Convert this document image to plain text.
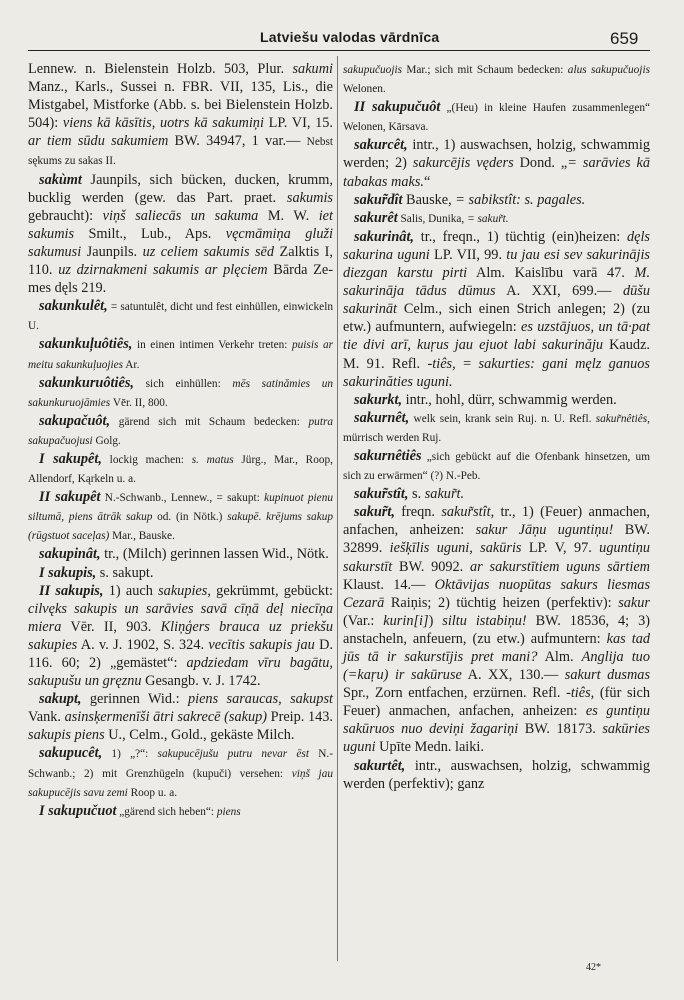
Latviešu valodas vārdnīca	659

Lennew. n. Bielenstein Holzb. 503, Plur. sakumi Manz., Karls., Sussei n. FBR. VII, 135, Lis., die Mistgabel, Mistforke (Abb. s. bei Bielenstein Holzb. 504): viens kā kāsītis, uotrs kā sakumiņi LP. VI, 15. ar tiem sūdu sakumiem BW. 34947, 1 var.— Nebst sękums zu sakas II.

sakùmt Jaunpils, sich bücken, ducken, krumm, bucklig werden (gew. das Part. praet. sakumis gebraucht): viņš saliecās un sakuma M. W. iet sakumis Smilt., Lub., Aps. vęcmāmiņa gluži sakumusi Jaunpils. uz celiem sakumis sēd Zalktis I, 110. uz dzirnakmeni sakumis ar plęciem Bārda Zemes dęls 219.

sakunkulêt, = satuntulêt, dicht und fest einhüllen, einwickeln U.

sakunkuļuôtiês, in einen intimen Verkehr treten: puisis ar meitu sakunkuļuojies Ar.

sakunkuruôtiês, sich einhüllen: mēs satinămies un sakunkuruojāmies Vēr. II, 800.

sakupačuôt, gärend sich mit Schaum bedecken: putra sakupačuojusi Golg.

I sakupêt, lockig machen: s. matus Jürg., Mar., Roop, Allendorf, Kąrkeln u. a.

II sakupêt N.-Schwanb., Lennew., = sakupt: kupinuot pienu siltumā, piens ātrāk sakup od. (in Nötk.) sakupē. krējums sakup (rūgstuot saceļas) Mar., Bauske.

sakupinât, tr., (Milch) gerinnen lassen Wid., Nötk.

I sakupis, s. sakupt.

II sakupis, 1) auch sakupies, gekrümmt, gebückt: cilvęks sakupis un sarāvies savā cīņā deļ niecīņa miera Vēr. II, 903. Kliņģers brauca uz priekšu sakupies A. v. J. 1902, S. 324. vecītis sakupis jau D. 116. 60; 2) „gemästet“: apdziedam vīru bagātu, sakupušu un gręznu Gesangb. v. J. 1742.

sakupt, gerinnen Wid.: piens saraucas, sakupst Vank. asinsķermenīši ātri sakrecē (sakup) Preip. 143. sakupis piens U., Celm., Gold., gekäste Milch.

sakupucêt, 1) „?“: sakupucējušu putru nevar ēst N.-Schwanb.; 2) mit Grenzhügeln (kupuči) versehen: viņš jau sakupucējis savu zemi Roop u. a.

I sakupučuot „gärend sich heben“: piens

sakupučuojis Mar.; sich mit Schaum bedecken: alus sakupučuojis Welonen.

II sakupučuôt „(Heu) in kleine Haufen zusammenlegen“ Welonen, Kārsava.

sakurcêt, intr., 1) auswachsen, holzig, schwammig werden; 2) sakurcējis vęders Dond. „= sarāvies kā tabakas maks.“

sakur̃dît Bauske, = sabikstît: s. pagales.

sakurêt Salis, Dunika, = sakur̃t.

sakurinât, tr., freqn., 1) tüchtig (ein)heizen: dęls sakurina uguni LP. VII, 99. tu jau esi sev sakurinājis diezgan karstu pirti Alm. Kaislību varā 47. M. sakurināja tādus dūmus A. XXI, 699.— dūšu sakurināt Celm., sich einen Strich anlegen; 2) (zu etw.) aufmuntern, aufwiegeln: es uzstājuos, un tā·pat tie divi arī, kuŗus jau ejuot labi sakurinăju Kaudz. M. 91. Refl. -tiês, = sakurties: gani męlz ganuos sakurinăties uguni.

sakurkt, intr., hohl, dürr, schwammig werden.

sakurnêt, welk sein, krank sein Ruj. n. U. Refl. sakur̃nêtiês, mürrisch werden Ruj.

sakurnêtiês „sich gebückt auf die Ofenbank hinsetzen, um sich zu erwärmen“ (?) N.-Peb.

sakur̃stît, s. sakur̃t.

sakur̃t, freqn. sakur̃stît, tr., 1) (Feuer) anmachen, anfachen, anheizen: sakur Jāņu uguntiņu! BW. 32899. iešķīlis uguni, sakūris LP. V, 97. uguntiņu sakurstīt BW. 9092. ar sakurstītiem uguns sārtiem Klaust. 14.— Oktāvijas nuopūtas sakurs liesmas Cezarā Raiņis; 2) tüchtig heizen (perfektiv): sakur (Var.: kurin[i]) siltu istabiņu! BW. 18536, 4; 3) anstacheln, anfeuern, (zu etw.) aufmuntern: kas tad jūs tā ir sakurstījis pret mani? Alm. Anglija tuo (=kaŗu) ir sakūruse A. XX, 130.— sakurt dusmas Spr., Zorn entfachen, erzürnen. Refl. -tiês, (für sich Feuer) anmachen, anfachen, anheizen: es guntiņu sakūruos nuo deviņi žagariņi BW. 18173. sakūries uguni Upīte Medn. laiki.

sakurtêt, intr., auswachsen, holzig, schwammig werden (perfektiv); ganz

42*
